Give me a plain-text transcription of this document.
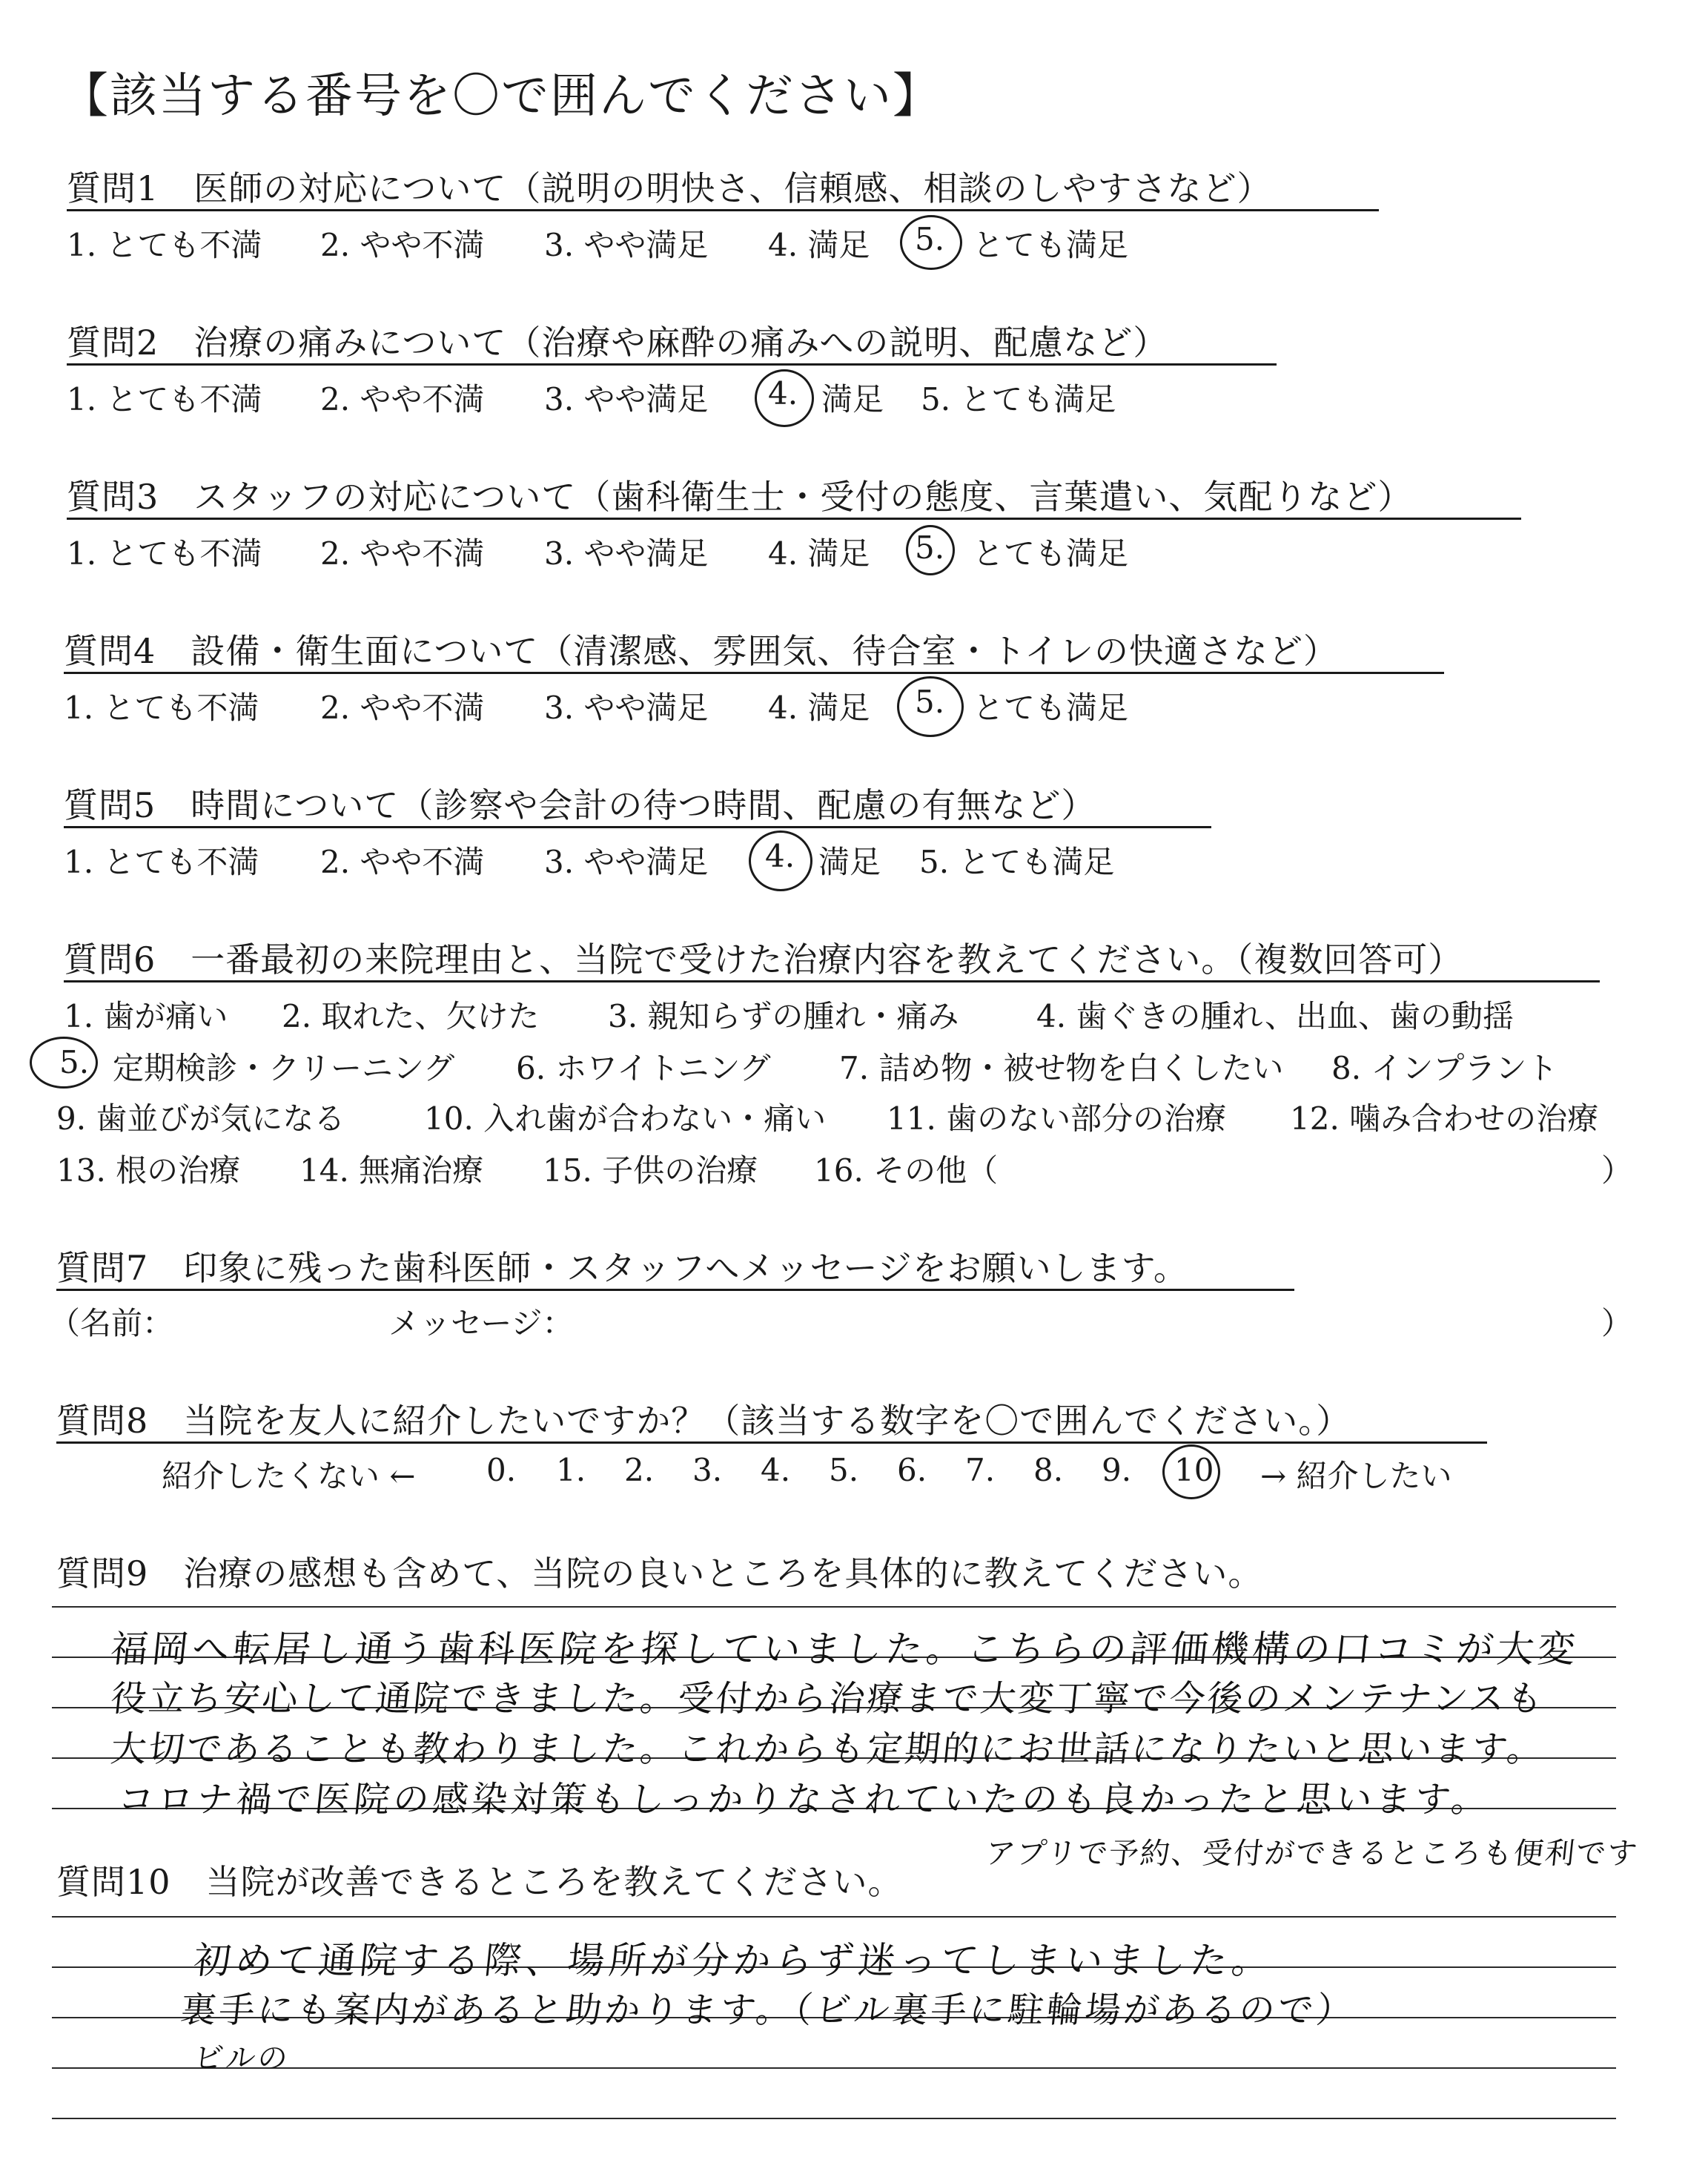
【該当する番号を〇で囲んでください】
質問1　医師の対応について（説明の明快さ、信頼感、相談のしやすさなど）
1. とても不満 2. やや不満 3. やや満足 4. 満足 5. とても満足
質問2　治療の痛みについて（治療や麻酔の痛みへの説明、配慮など）
1. とても不満 2. やや不満 3. やや満足 4. 満足 5. とても満足
質問3　スタッフの対応について（歯科衛生士・受付の態度、言葉遣い、気配りなど）
1. とても不満 2. やや不満 3. やや満足 4. 満足 5. とても満足
質問4　設備・衛生面について（清潔感、雰囲気、待合室・トイレの快適さなど）
1. とても不満 2. やや不満 3. やや満足 4. 満足 5. とても満足
質問5　時間について（診察や会計の待つ時間、配慮の有無など）
1. とても不満 2. やや不満 3. やや満足 4. 満足 5. とても満足
質問6　一番最初の来院理由と、当院で受けた治療内容を教えてください。（複数回答可）
1. 歯が痛い 2. 取れた、欠けた 3. 親知らずの腫れ・痛み 4. 歯ぐきの腫れ、出血、歯の動揺
5. 定期検診・クリーニング 6. ホワイトニング 7. 詰め物・被せ物を白くしたい 8. インプラント
9. 歯並びが気になる	10. 入れ歯が合わない・痛い 11. 歯のない部分の治療 12. 噛み合わせの治療
13. 根の治療 14. 無痛治療 15. 子供の治療 16. その他（	）
質問7　印象に残った歯科医師・スタッフへメッセージをお願いします。
（名前：	メッセージ：	）
質問8　当院を友人に紹介したいですか？（該当する数字を〇で囲んでください。）
紹介したくない ← 0. 1. 2. 3. 4. 5. 6. 7. 8. 9. 10 → 紹介したい
質問9　治療の感想も含めて、当院の良いところを具体的に教えてください。
福岡へ転居し通う歯科医院を探していました。こちらの評価機構の口コミが大変
役立ち安心して通院できました。受付から治療まで大変丁寧で今後のメンテナンスも
大切であることも教わりました。これからも定期的にお世話になりたいと思います。
コロナ禍で医院の感染対策もしっかりなされていたのも良かったと思います。
アプリで予約、受付ができるところも便利です
質問10　当院が改善できるところを教えてください。
初めて通院する際、場所が分からず迷ってしまいました。
裏手にも案内があると助かります。（ビル裏手に駐輪場があるので）
ビルの
